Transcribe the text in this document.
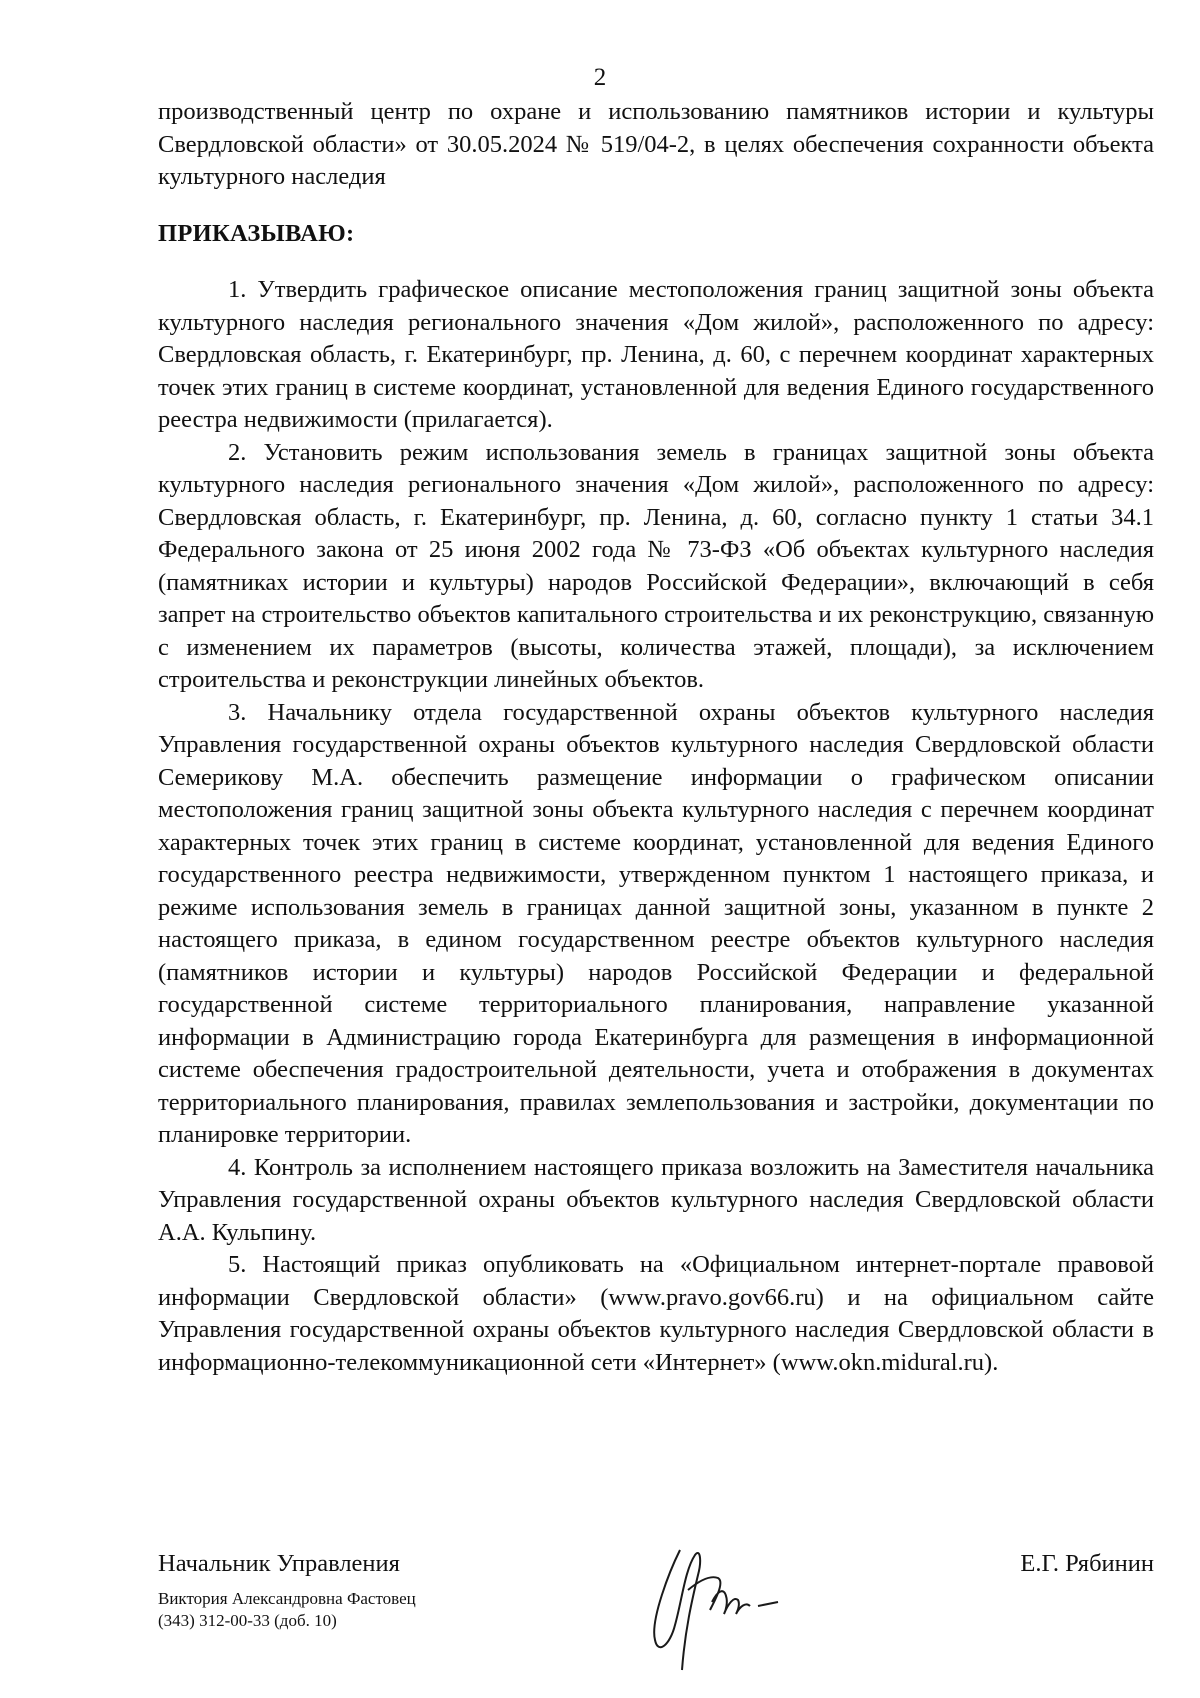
2

производственный центр по охране и использованию памятников истории и культуры Свердловской области» от 30.05.2024 № 519/04-2, в целях обеспечения сохранности объекта культурного наследия

ПРИКАЗЫВАЮ:

1. Утвердить графическое описание местоположения границ защитной зоны объекта культурного наследия регионального значения «Дом жилой», расположенного по адресу: Свердловская область, г. Екатеринбург, пр. Ленина, д. 60, с перечнем координат характерных точек этих границ в системе координат, установленной для ведения Единого государственного реестра недвижимости (прилагается).

2. Установить режим использования земель в границах защитной зоны объекта культурного наследия регионального значения «Дом жилой», расположенного по адресу: Свердловская область, г. Екатеринбург, пр. Ленина, д. 60, согласно пункту 1 статьи 34.1 Федерального закона от 25 июня 2002 года № 73-ФЗ «Об объектах культурного наследия (памятниках истории и культуры) народов Российской Федерации», включающий в себя запрет на строительство объектов капитального строительства и их реконструкцию, связанную с изменением их параметров (высоты, количества этажей, площади), за исключением строительства и реконструкции линейных объектов.

3. Начальнику отдела государственной охраны объектов культурного наследия Управления государственной охраны объектов культурного наследия Свердловской области Семерикову М.А. обеспечить размещение информации о графическом описании местоположения границ защитной зоны объекта культурного наследия с перечнем координат характерных точек этих границ в системе координат, установленной для ведения Единого государственного реестра недвижимости, утвержденном пунктом 1 настоящего приказа, и режиме использования земель в границах данной защитной зоны, указанном в пункте 2 настоящего приказа, в едином государственном реестре объектов культурного наследия (памятников истории и культуры) народов Российской Федерации и федеральной государственной системе территориального планирования, направление указанной информации в Администрацию города Екатеринбурга для размещения в информационной системе обеспечения градостроительной деятельности, учета и отображения в документах территориального планирования, правилах землепользования и застройки, документации по планировке территории.

4. Контроль за исполнением настоящего приказа возложить на Заместителя начальника Управления государственной охраны объектов культурного наследия Свердловской области А.А. Кульпину.

5. Настоящий приказ опубликовать на «Официальном интернет-портале правовой информации Свердловской области» (www.pravo.gov66.ru) и на официальном сайте Управления государственной охраны объектов культурного наследия Свердловской области в информационно-телекоммуникационной сети «Интернет» (www.okn.midural.ru).

Начальник Управления	Е.Г. Рябинин
Виктория Александровна Фастовец
(343) 312-00-33 (доб. 10)
